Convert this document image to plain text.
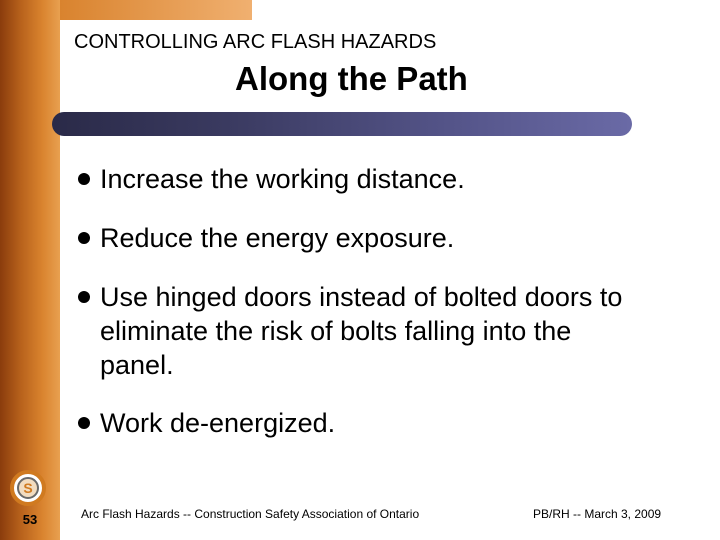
CONTROLLING ARC FLASH HAZARDS
Along the Path
Increase the working distance.
Reduce the energy exposure.
Use hinged doors instead of bolted doors to eliminate the risk of bolts falling into the panel.
Work de-energized.
S
53	Arc Flash Hazards -- Construction Safety Association of Ontario	PB/RH -- March 3, 2009
